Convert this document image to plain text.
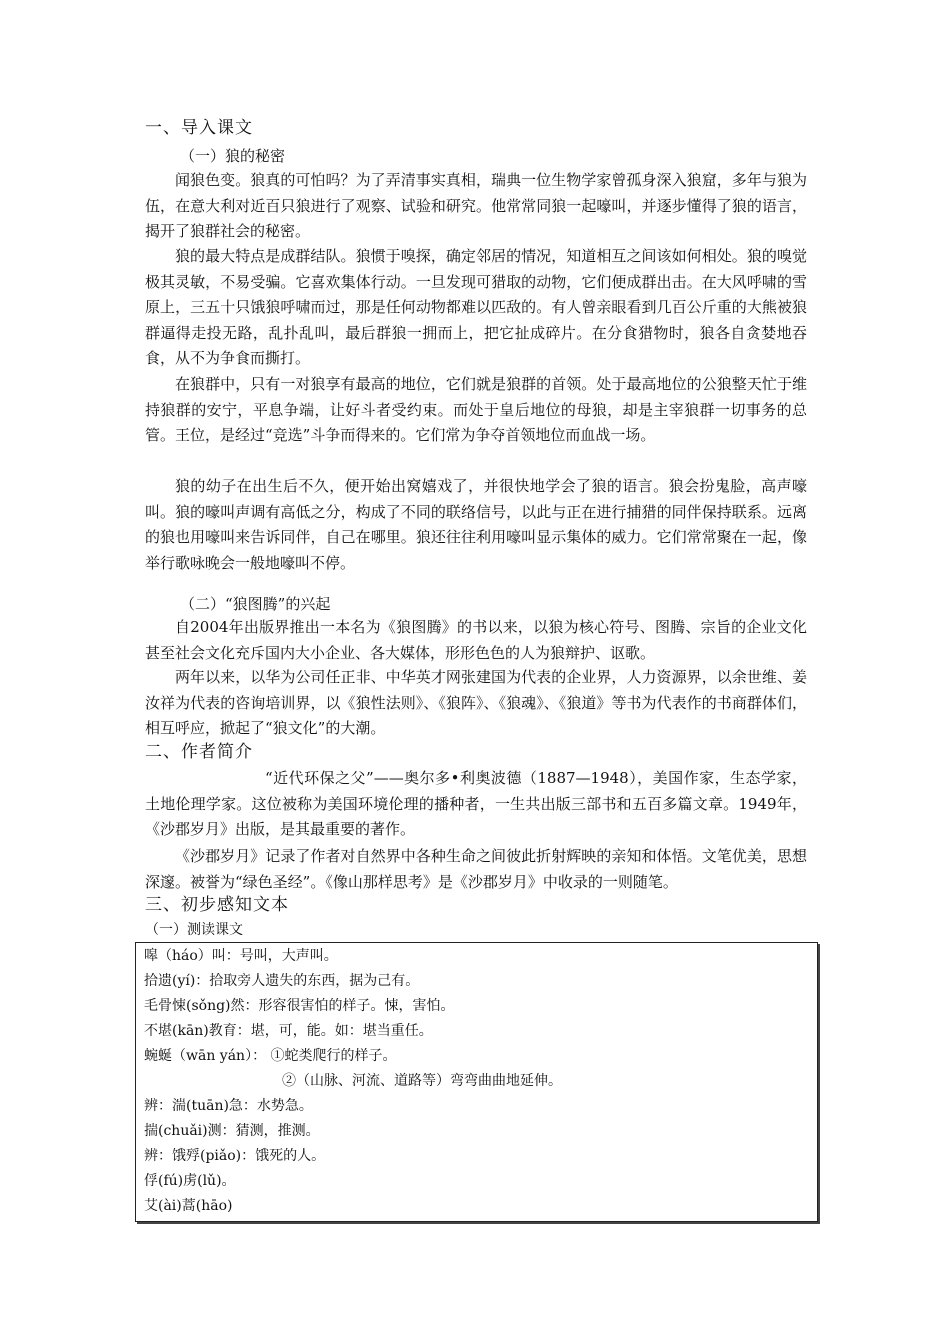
一、导入课文
（一）狼的秘密
闻狼色变。狼真的可怕吗？为了弄清事实真相，瑞典一位生物学家曾孤身深入狼窟，多年与狼为伍，在意大利对近百只狼进行了观察、试验和研究。他常常同狼一起嚎叫，并逐步懂得了狼的语言，揭开了狼群社会的秘密。
狼的最大特点是成群结队。狼惯于嗅探，确定邻居的情况，知道相互之间该如何相处。狼的嗅觉极其灵敏，不易受骗。它喜欢集体行动。一旦发现可猎取的动物，它们便成群出击。在大风呼啸的雪原上，三五十只饿狼呼啸而过，那是任何动物都难以匹敌的。有人曾亲眼看到几百公斤重的大熊被狼群逼得走投无路，乱扑乱叫，最后群狼一拥而上，把它扯成碎片。在分食猎物时，狼各自贪婪地吞食，从不为争食而撕打。
在狼群中，只有一对狼享有最高的地位，它们就是狼群的首领。处于最高地位的公狼整天忙于维持狼群的安宁，平息争端，让好斗者受约束。而处于皇后地位的母狼，却是主宰狼群一切事务的总管。王位，是经过“竞选”斗争而得来的。它们常为争夺首领地位而血战一场。
狼的幼子在出生后不久，便开始出窝嬉戏了，并很快地学会了狼的语言。狼会扮鬼脸，高声嚎叫。狼的嚎叫声调有高低之分，构成了不同的联络信号，以此与正在进行捕猎的同伴保持联系。远离的狼也用嚎叫来告诉同伴，自己在哪里。狼还往往利用嚎叫显示集体的威力。它们常常聚在一起，像举行歌咏晚会一般地嚎叫不停。
（二）“狼图腾”的兴起
自2004年出版界推出一本名为《狼图腾》的书以来，以狼为核心符号、图腾、宗旨的企业文化甚至社会文化充斥国内大小企业、各大媒体，形形色色的人为狼辩护、讴歌。
两年以来，以华为公司任正非、中华英才网张建国为代表的企业界，人力资源界，以余世维、姜汝祥为代表的咨询培训界，以《狼性法则》、《狼阵》、《狼魂》、《狼道》等书为代表作的书商群体们，相互呼应，掀起了“狼文化”的大潮。
二、作者简介
“近代环保之父”——奥尔多•利奥波德（1887—1948），美国作家，生态学家，土地伦理学家。这位被称为美国环境伦理的播种者，一生共出版三部书和五百多篇文章。1949年，《沙郡岁月》出版，是其最重要的著作。
《沙郡岁月》记录了作者对自然界中各种生命之间彼此折射辉映的亲知和体悟。文笔优美，思想深邃。被誉为“绿色圣经”。《像山那样思考》是《沙郡岁月》中收录的一则随笔。
三、初步感知文本
（一）测读课文
嗥（háo）叫：号叫，大声叫。
拾遗(yí)：拾取旁人遗失的东西，据为己有。
毛骨悚(sǒng)然：形容很害怕的样子。悚，害怕。
不堪(kān)教育：堪，可，能。如：堪当重任。
蜿蜒（wān yán）： ①蛇类爬行的样子。
②（山脉、河流、道路等）弯弯曲曲地延伸。
辨：湍(tuān)急：水势急。
揣(chuǎi)测：猜测，推测。
辨：饿殍(piǎo)：饿死的人。
俘(fú)虏(lǔ)。
艾(ài)蒿(hāo)
